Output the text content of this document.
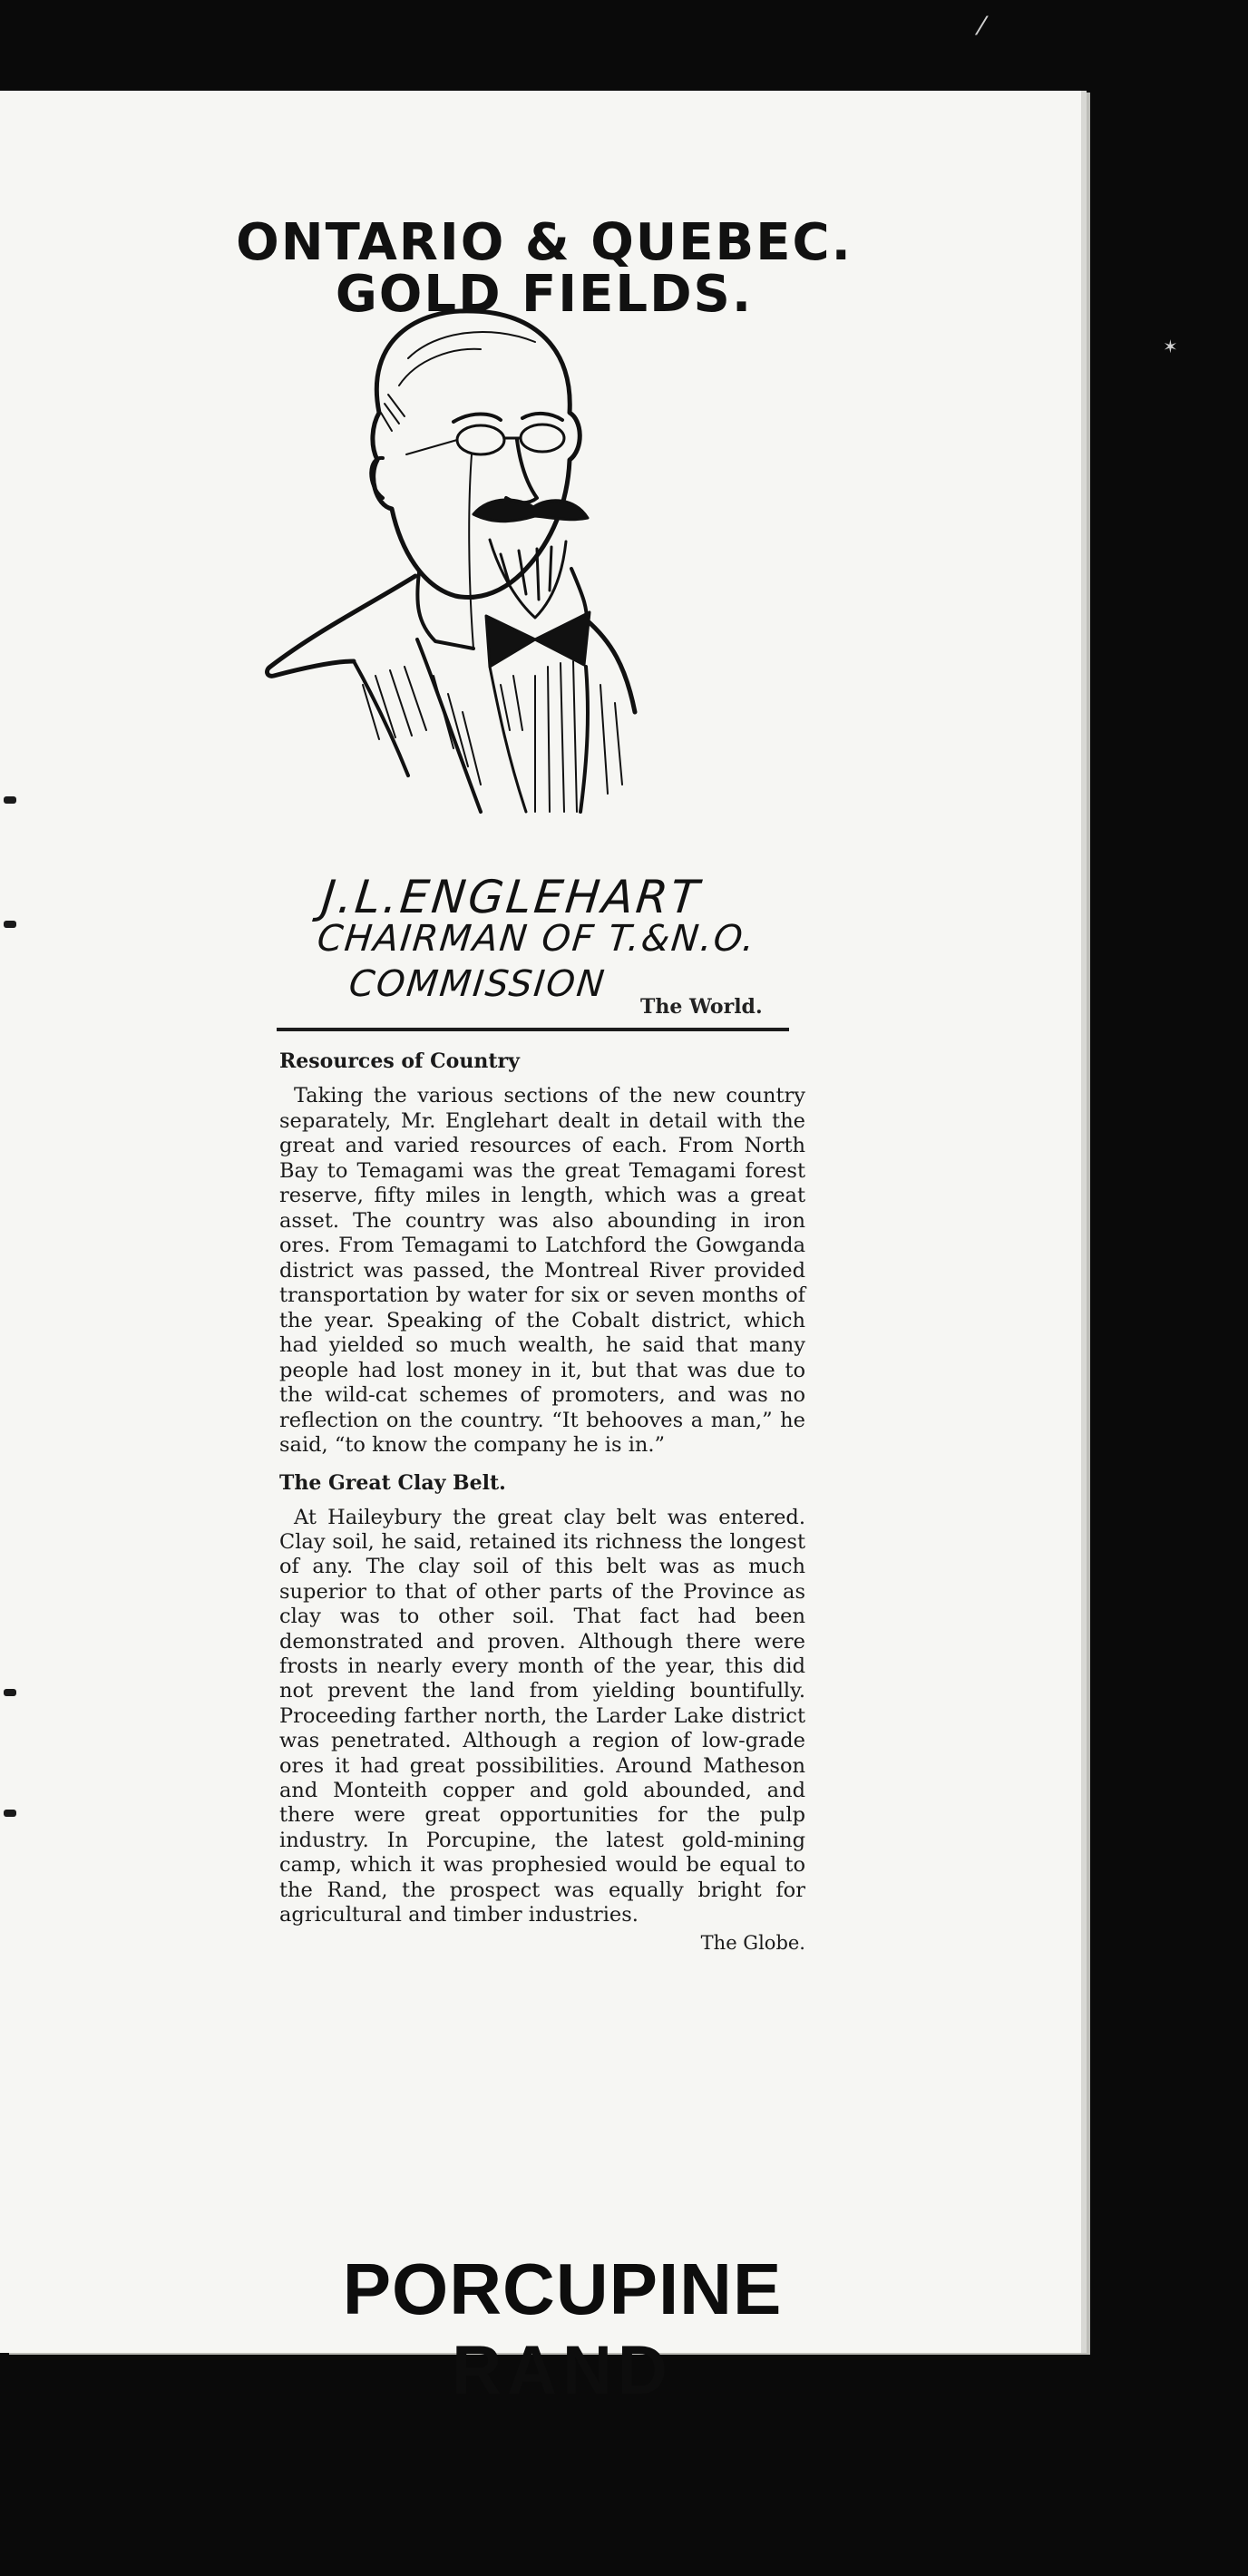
ONTARIO & QUEBEC.
GOLD FIELDS.
J.L.ENGLEHART
CHAIRMAN OF T.&N.O.
COMMISSION
The World.
Resources of Country
Taking the various sections of the new country separately, Mr. Englehart dealt in detail with the great and varied resources of each. From North Bay to Temagami was the great Temagami forest reserve, fifty miles in length, which was a great asset. The country was also abounding in iron ores. From Temagami to Latchford the Gowganda district was passed, the Montreal River provided transportation by water for six or seven months of the year. Speaking of the Cobalt district, which had yielded so much wealth, he said that many people had lost money in it, but that was due to the wild-cat schemes of promoters, and was no reflection on the country. “It behooves a man,” he said, “to know the company he is in.”
The Great Clay Belt.
At Haileybury the great clay belt was entered. Clay soil, he said, retained its richness the longest of any. The clay soil of this belt was as much superior to that of other parts of the Province as clay was to other soil. That fact had been demonstrated and proven. Although there were frosts in nearly every month of the year, this did not prevent the land from yielding bountifully. Proceeding farther north, the Larder Lake district was penetrated. Although a region of low-grade ores it had great possibilities. Around Matheson and Monteith copper and gold abounded, and there were great opportunities for the pulp industry. In Porcupine, the latest gold-mining camp, which it was prophesied would be equal to the Rand, the prospect was equally bright for agricultural and timber industries.
The Globe.
PORCUPINE
RAND
⁄
✶
